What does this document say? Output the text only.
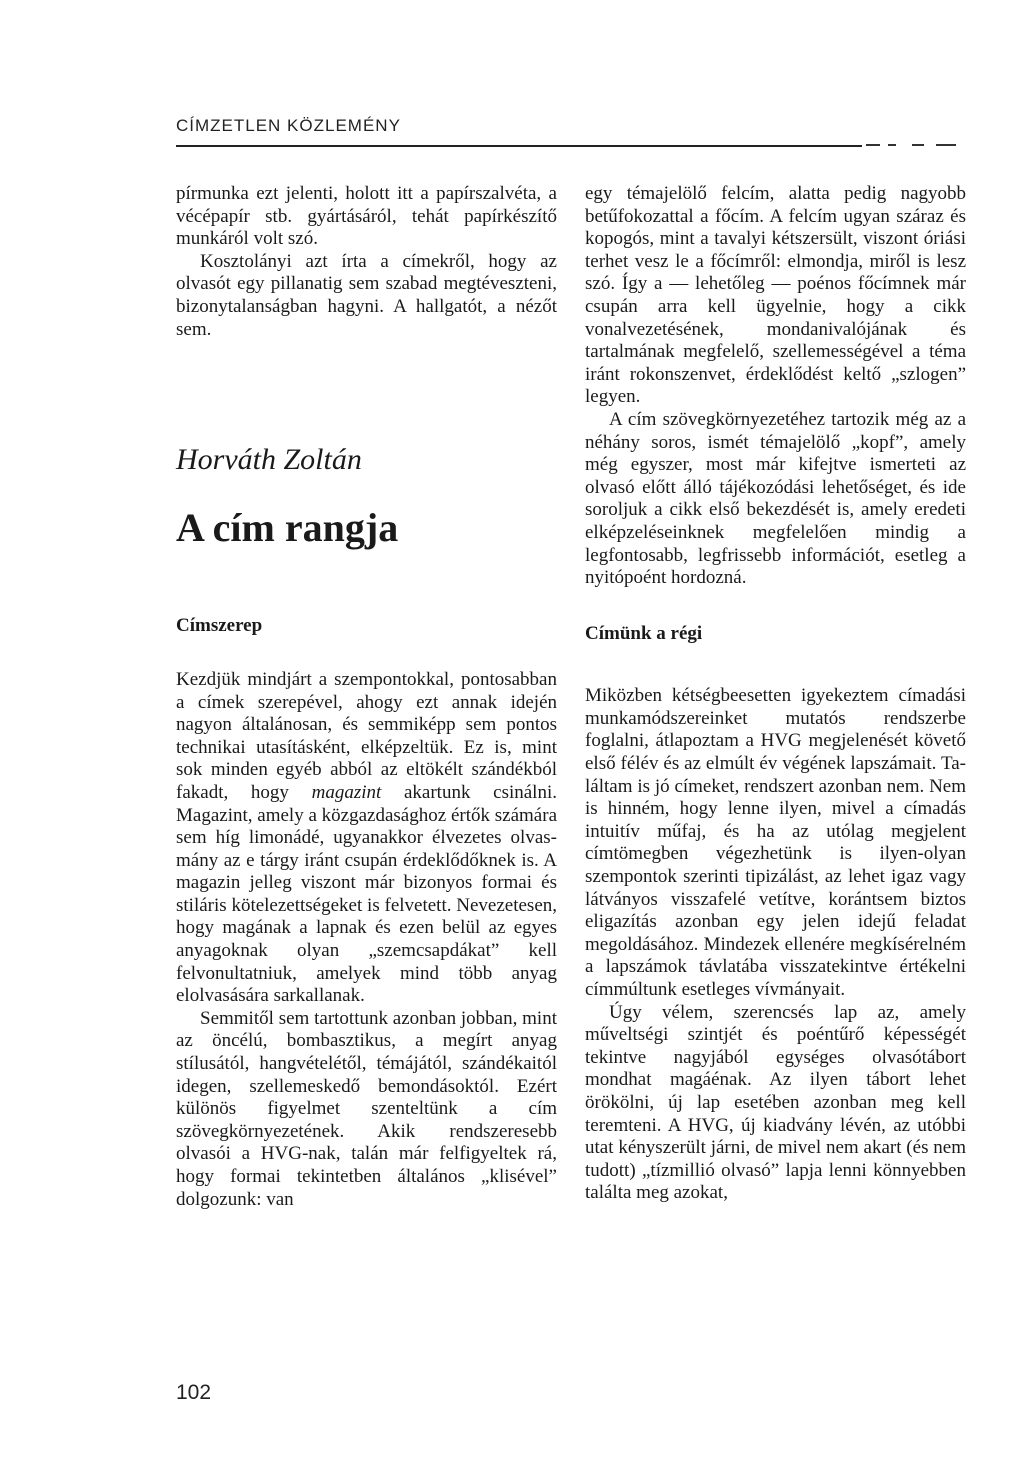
CÍMZETLEN KÖZLEMÉNY

pírmunka ezt jelenti, holott itt a papírszalvéta, a vécépapír stb. gyártásáról, tehát papírkészítő munkáról volt szó.

Kosztolányi azt írta a címekről, hogy az olvasót egy pillanatig sem szabad megtéveszteni, bizonytalanságban hagyni. A hallgatót, a nézőt sem.

Horváth Zoltán
A cím rangja
Címszerep

Kezdjük mindjárt a szempontokkal, pontosabban a címek szerepével, ahogy ezt annak idején nagyon általánosan, és semmiképp sem pontos technikai utasításként, elképzeltük. Ez is, mint sok minden egyéb abból az eltökélt szándékból fakadt, hogy magazint akartunk csinálni. Magazint, amely a közgazdasághoz értők számára sem híg limonádé, ugyanakkor élvezetes olvasmány az e tárgy iránt csupán érdeklődőknek is. A magazin jelleg viszont már bizonyos formai és stiláris kötelezettségeket is felvetett. Nevezetesen, hogy magának a lapnak és ezen belül az egyes anyagoknak olyan „szemcsapdákat” kell felvonultatniuk, amelyek mind több anyag elolvasására sarkallanak.

Semmitől sem tartottunk azonban jobban, mint az öncélú, bombasztikus, a megírt anyag stílusától, hangvételétől, témájától, szándékaitól idegen, szellemeskedő bemondásoktól. Ezért különös figyelmet szenteltünk a cím szövegkörnyezetének. Akik rendszeresebb olvasói a HVG-nak, talán már felfigyeltek rá, hogy formai tekintetben általános „klisével” dolgozunk: van

egy témajelölő felcím, alatta pedig nagyobb betűfokozattal a főcím. A felcím ugyan száraz és kopogós, mint a tavalyi kétszersült, viszont óriási terhet vesz le a főcímről: elmondja, miről is lesz szó. Így a — lehetőleg — poénos főcímnek már csupán arra kell ügyelnie, hogy a cikk vonalvezetésének, mondanivalójának és tartalmának megfelelő, szellemességével a téma iránt rokonszenvet, érdeklődést keltő „szlogen” legyen.

A cím szövegkörnyezetéhez tartozik még az a néhány soros, ismét témajelölő „kopf”, amely még egyszer, most már kifejtve ismerteti az olvasó előtt álló tájékozódási lehetőséget, és ide soroljuk a cikk első bekezdését is, amely eredeti elképzeléseinknek megfelelően mindig a legfontosabb, legfrissebb információt, esetleg a nyitópoént hordozná.

Címünk a régi

Miközben kétségbeesetten igyekeztem címadási munkamódszereinket mutatós rendszerbe foglalni, átlapoztam a HVG megjelenését követő első félév és az elmúlt év végének lapszámait. Találtam is jó címeket, rendszert azonban nem. Nem is hinném, hogy lenne ilyen, mivel a címadás intuitív műfaj, és ha az utólag megjelent címtömegben végezhetünk is ilyen-olyan szempontok szerinti tipizálást, az lehet igaz vagy látványos visszafelé vetítve, korántsem biztos eligazítás azonban egy jelen idejű feladat megoldásához. Mindezek ellenére megkísérelném a lapszámok távlatába visszatekintve értékelni címmúltunk esetleges vívmányait.

Úgy vélem, szerencsés lap az, amely műveltségi szintjét és poéntűrő képességét tekintve nagyjából egységes olvasótábort mondhat magáénak. Az ilyen tábort lehet örökölni, új lap esetében azonban meg kell teremteni. A HVG, új kiadvány lévén, az utóbbi utat kényszerült járni, de mivel nem akart (és nem tudott) „tízmillió olvasó” lapja lenni könnyebben találta meg azokat,

102
